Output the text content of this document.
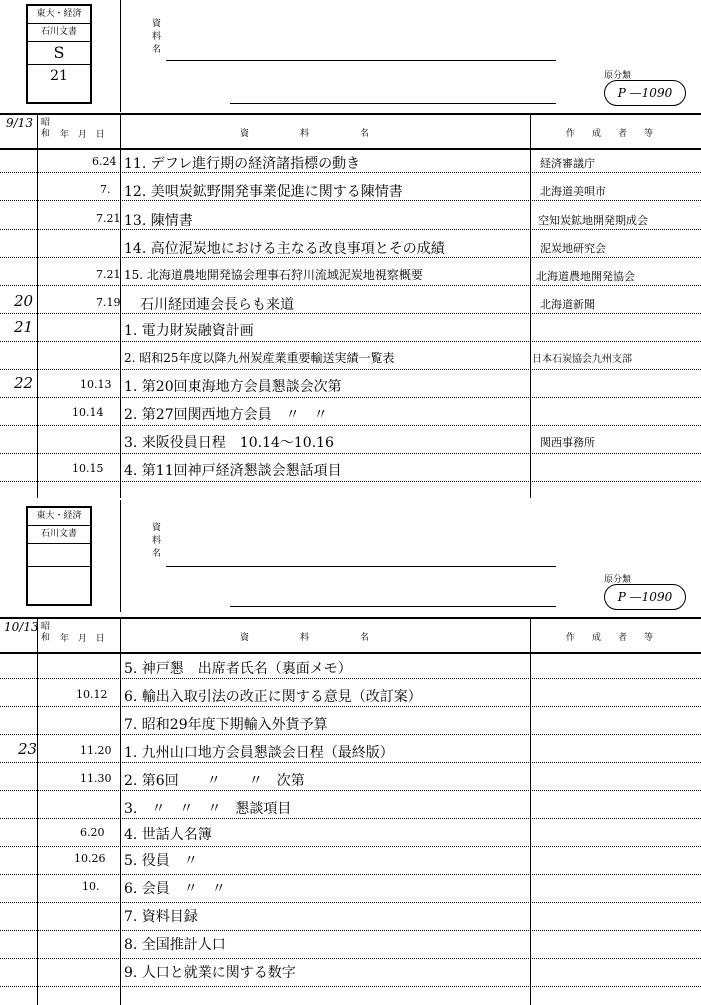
東大・経済
石川文書
S
21
資
料
名
原分類
P —1090
9/13 昭
和 年 月 日	資　　　料　　　名	作　成　者　等
6.24 11. デフレ進行期の経済諸指標の動き	経済審議庁
7. 12. 美唄炭鉱野開発事業促進に関する陳情書	北海道美唄市
7.21 13. 陳情書	空知炭鉱地開発期成会
14. 高位泥炭地における主なる改良事項とその成績	泥炭地研究会
7.21 15. 北海道農地開発協会理事石狩川流域泥炭地視察概要	北海道農地開発協会
20	7.19 石川経団連会長らも来道	北海道新聞
21	1. 電力財炭融資計画
2. 昭和25年度以降九州炭産業重要輸送実績一覧表	日本石炭協会九州支部
22	10.13 1. 第20回東海地方会員懇談会次第
10.14 2. 第27回関西地方会員　〃　〃
3. 来阪役員日程　10.14～10.16	関西事務所
10.15 4. 第11回神戸経済懇談会懇話項目
東大・経済
石川文書
資
料
名
原分類
P —1090
10/13 昭
和 年 月 日	資　　　料　　　名	作　成　者　等
5. 神戸懇　出席者氏名（裏面メモ）
10.12 6. 輸出入取引法の改正に関する意見（改訂案）
7. 昭和29年度下期輸入外貨予算
23	11.20 1. 九州山口地方会員懇談会日程（最終版）
11.30 2. 第6回　　〃　　〃　次第
3.　〃　〃　〃　懇談項目
6.20 4. 世話人名簿
10.26 5. 役員　〃
10. 6. 会員　〃　〃
7. 資料目録
8. 全国推計人口
9. 人口と就業に関する数字
